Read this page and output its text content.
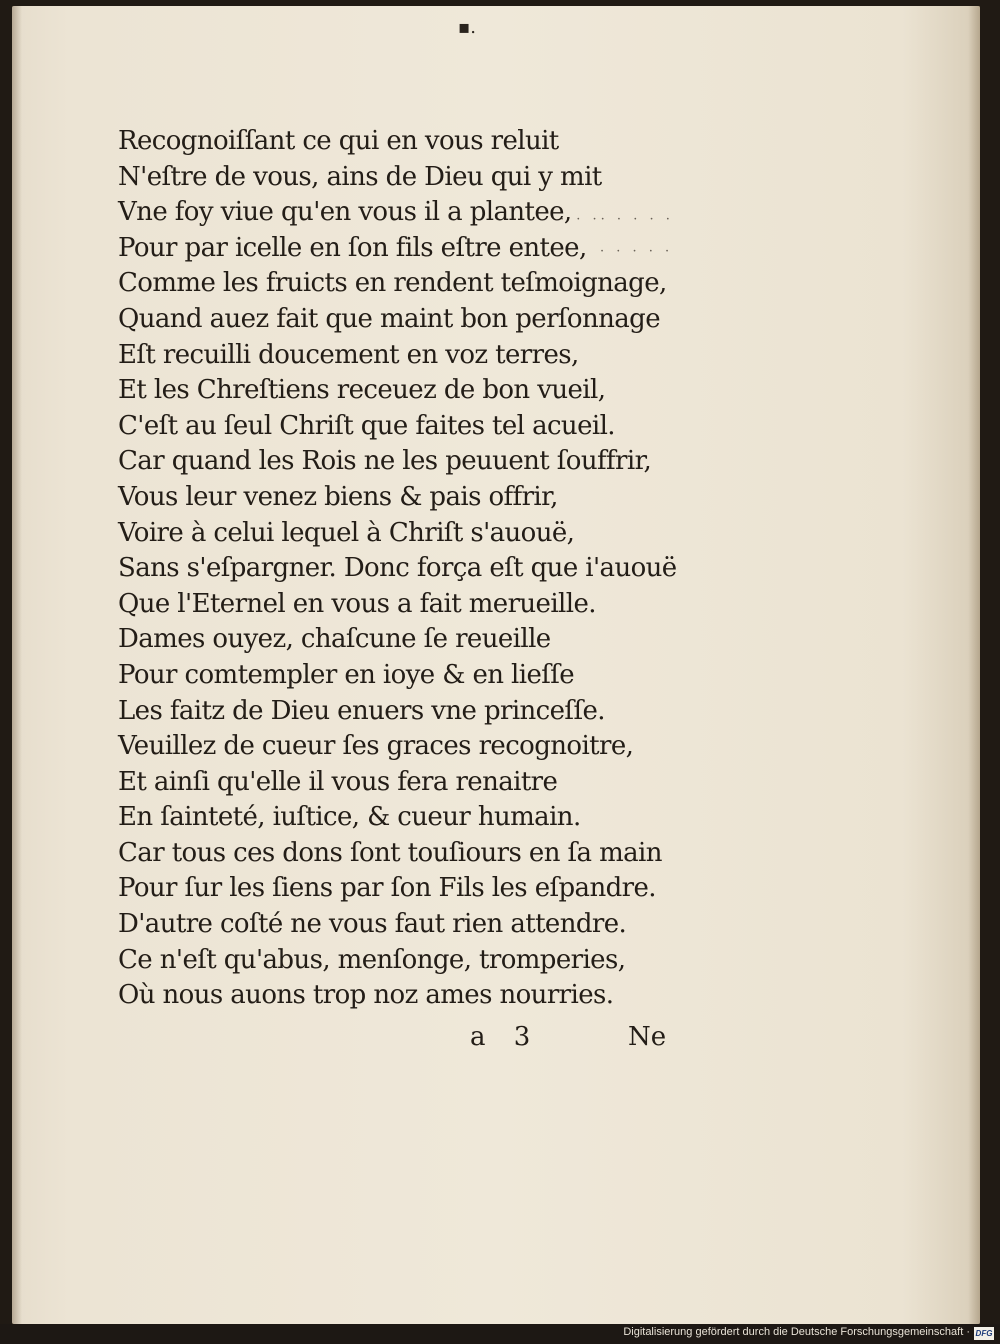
▪.
· · ·· · · · ·
· · · · ·
Recognoiſſant ce qui en vous reluit
N'eſtre de vous, ains de Dieu qui y mit
Vne foy viue qu'en vous il a plantee,
Pour par icelle en ſon fils eſtre entee,
Comme les fruicts en rendent teſmoignage,
Quand auez fait que maint bon perſonnage
Eſt recuilli doucement en voz terres,
Et les Chreſtiens receuez de bon vueil,
C'eſt au ſeul Chriſt que faites tel acueil.
Car quand les Rois ne les peuuent ſouffrir,
Vous leur venez biens & pais offrir,
Voire à celui lequel à Chriſt s'auouë,
Sans s'eſpargner. Donc força eſt que i'auouë
Que l'Eternel en vous a fait merueille.
Dames ouyez, chaſcune ſe reueille
Pour comtempler en ioye & en lieſſe
Les faitz de Dieu enuers vne princeſſe.
Veuillez de cueur ſes graces recognoitre,
Et ainſi qu'elle il vous fera renaitre
En ſainteté, iuſtice, & cueur humain.
Car tous ces dons ſont touſiours en ſa main
Pour ſur les ſiens par ſon Fils les eſpandre.
D'autre coſté ne vous faut rien attendre.
Ce n'eſt qu'abus, menſonge, tromperies,
Où nous auons trop noz ames nourries.
a 3	Ne
Digitalisierung gefördert durch die Deutsche Forschungsgemeinschaft · DFG
